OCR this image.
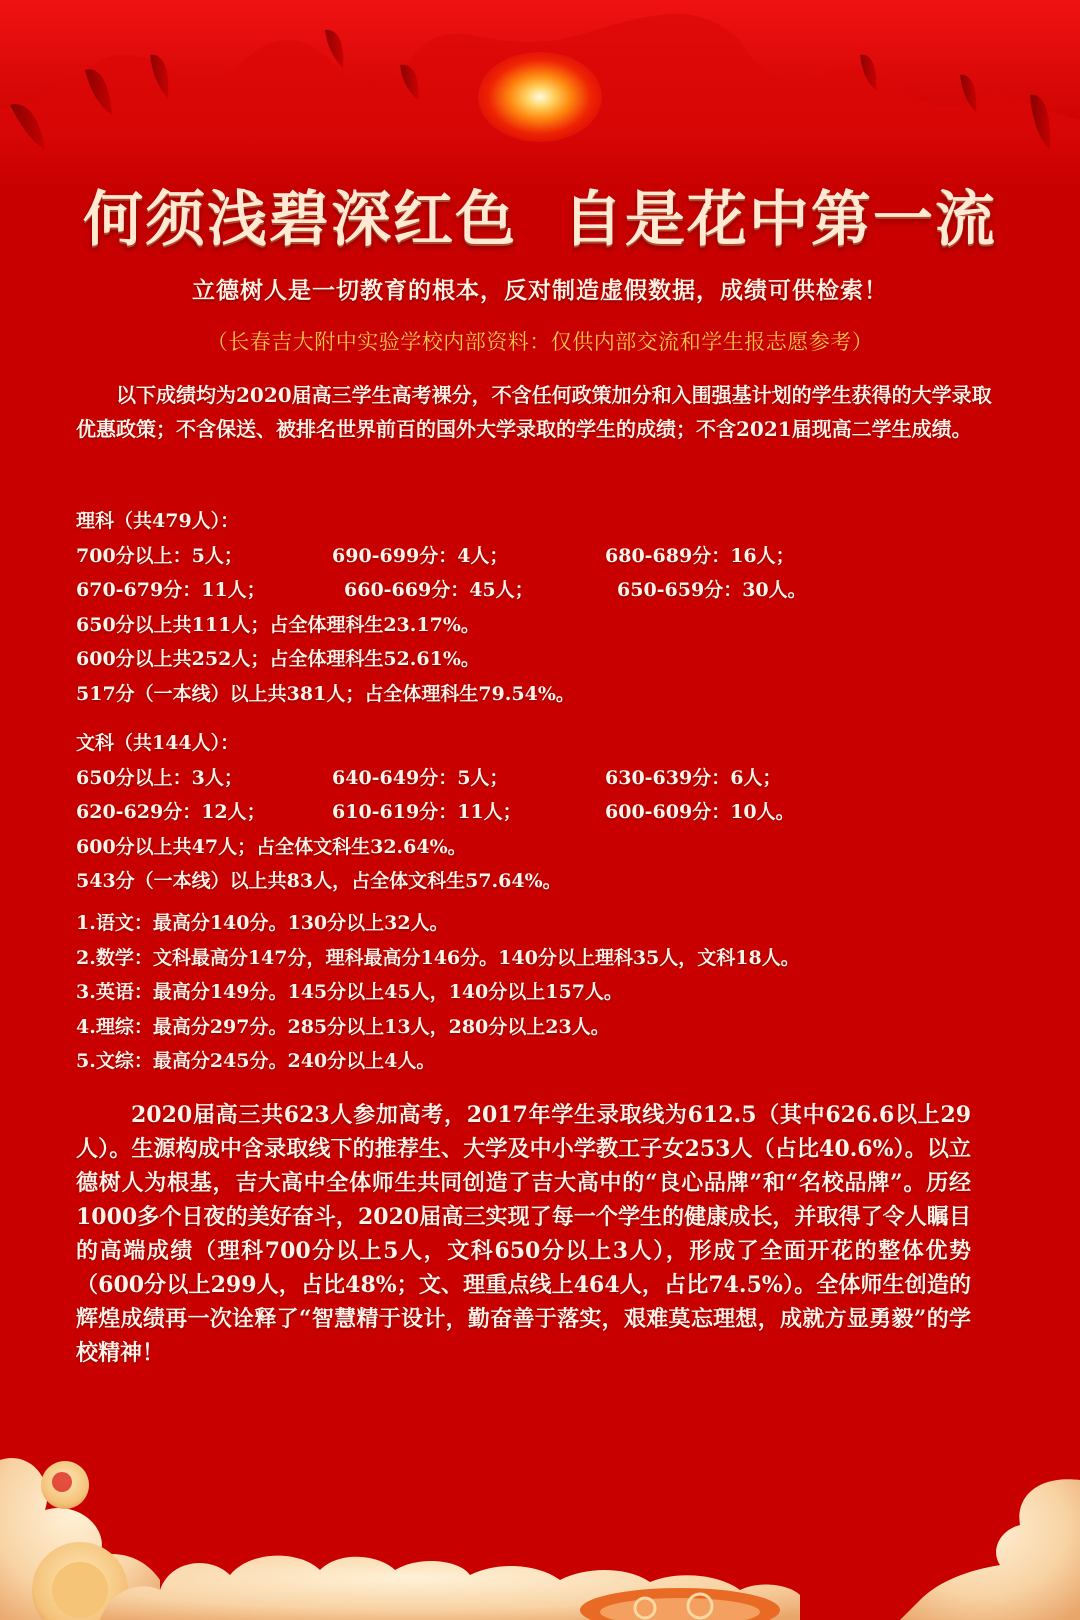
何须浅碧深红色  自是花中第一流
立德树人是一切教育的根本，反对制造虚假数据，成绩可供检索！
（长春吉大附中实验学校内部资料：仅供内部交流和学生报志愿参考）
以下成绩均为2020届高三学生高考裸分，不含任何政策加分和入围强基计划的学生获得的大学录取优惠政策；不含保送、被排名世界前百的国外大学录取的学生的成绩；不含2021届现高二学生成绩。
理科（共479人）：
700分以上：5人；	690-699分：4人；	680-689分：16人；
670-679分：11人；	660-669分：45人；	650-659分：30人。
650分以上共111人；占全体理科生23.17%。
600分以上共252人；占全体理科生52.61%。
517分（一本线）以上共381人；占全体理科生79.54%。
文科（共144人）：
650分以上：3人；	640-649分：5人；	630-639分：6人；
620-629分：12人；	610-619分：11人；	600-609分：10人。
600分以上共47人；占全体文科生32.64%。
543分（一本线）以上共83人，占全体文科生57.64%。
1.语文：最高分140分。130分以上32人。
2.数学：文科最高分147分，理科最高分146分。140分以上理科35人，文科18人。
3.英语：最高分149分。145分以上45人，140分以上157人。
4.理综：最高分297分。285分以上13人，280分以上23人。
5.文综：最高分245分。240分以上4人。
2020届高三共623人参加高考，2017年学生录取线为612.5（其中626.6以上29人）。生源构成中含录取线下的推荐生、大学及中小学教工子女253人（占比40.6%）。以立德树人为根基，吉大高中全体师生共同创造了吉大高中的“良心品牌”和“名校品牌”。历经1000多个日夜的美好奋斗，2020届高三实现了每一个学生的健康成长，并取得了令人瞩目的高端成绩（理科700分以上5人，文科650分以上3人），形成了全面开花的整体优势（600分以上299人，占比48%；文、理重点线上464人，占比74.5%）。全体师生创造的辉煌成绩再一次诠释了“智慧精于设计，勤奋善于落实，艰难莫忘理想，成就方显勇毅”的学校精神！
